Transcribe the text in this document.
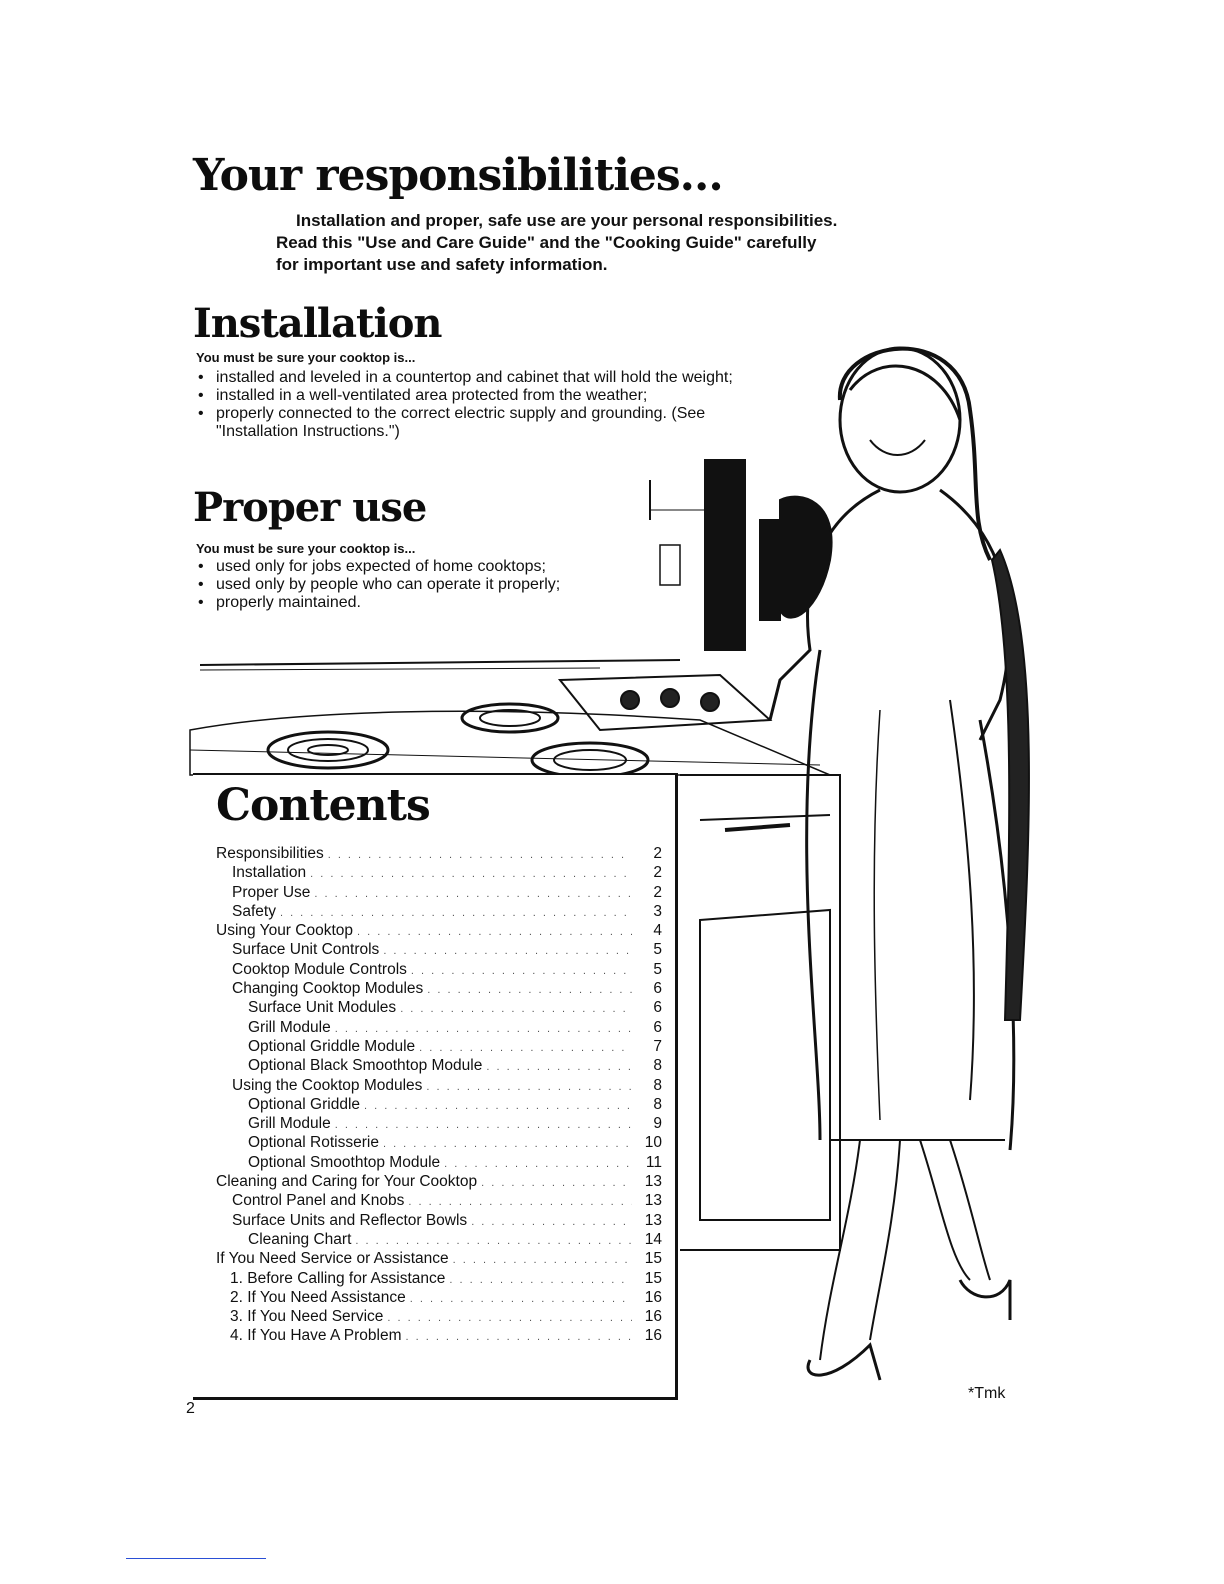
Your responsibilities...

Installation and proper, safe use are your personal responsibilities.

Read this "Use and Care Guide" and the "Cooking Guide" carefully

for important use and safety information.

Installation
You must be sure your cooktop is...
• installed and leveled in a countertop and cabinet that will hold the weight;
• installed in a well-ventilated area protected from the weather;
• properly connected to the correct electric supply and grounding. (See "Installation Instructions.")
Proper use
You must be sure your cooktop is...
• used only for jobs expected of home cooktops;
• used only by people who can operate it properly;
• properly maintained.
Contents
Responsibilities . . .	2
Installation . . .	2
Proper Use . . .	2
Safety . . .	3
Using Your Cooktop . . .	4
Surface Unit Controls . . .	5
Cooktop Module Controls . . .	5
Changing Cooktop Modules . . .	6
Surface Unit Modules . . .	6
Grill Module . . .	6
Optional Griddle Module . . .	7
Optional Black Smoothtop Module . . .	8
Using the Cooktop Modules . . .	8
Optional Griddle . . .	8
Grill Module . . .	9
Optional Rotisserie . . .	10
Optional Smoothtop Module . . .	11
Cleaning and Caring for Your Cooktop . . .	13
Control Panel and Knobs . . .	13
Surface Units and Reflector Bowls . . .	13
Cleaning Chart . . .	14
If You Need Service or Assistance . . .	15
1. Before Calling for Assistance . . .	15
2. If You Need Assistance . . .	16
3. If You Need Service . . .	16
4. If You Have A Problem . . .	16
2
*Tmk
